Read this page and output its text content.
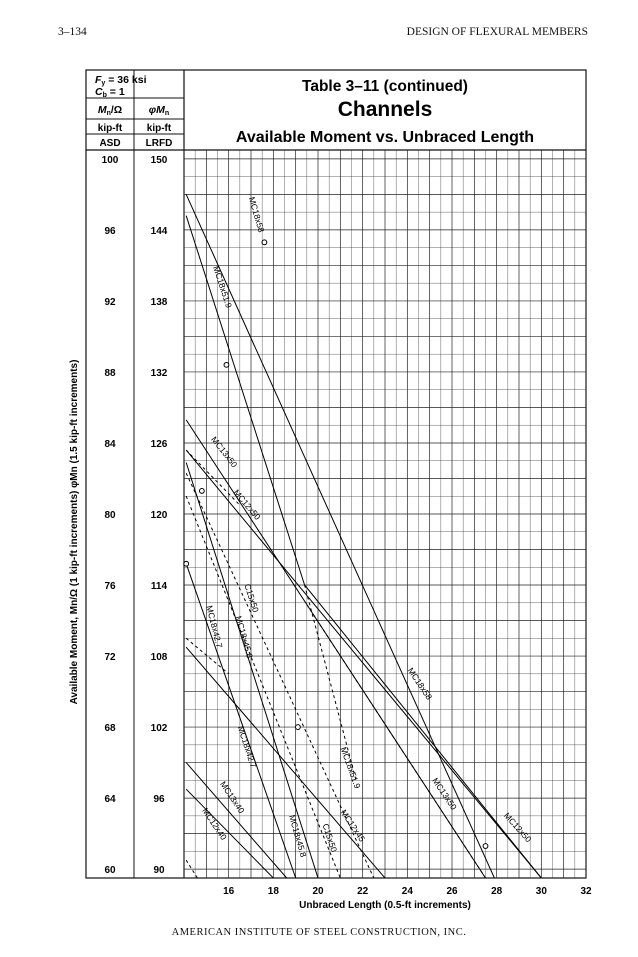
3–134	DESIGN OF FLEXURAL MEMBERS
Fy = 36 ksi
Cb = 1
Mn/Ω	φMn
kip-ft kip-ft
ASD	LRFD
Table 3–11 (continued)
Channels
Available Moment vs. Unbraced Length
MC18x58
MC18x51.9
MC13x50
MC12x50
MC18x42.7 MC18x45.8
C15x50
MC18x58
MC18x51.9
MC13x50
MC12x45	MC12x50
MC18x42.7
MC13x40
MC12x40	MC18x45.8 C15x50
100	150
96	144
92	138
88	132
84	126
80	120
76	114
72	108
68	102
64	96
60	90
16	18	20	22	24	26	28	30	32
Unbraced Length (0.5-ft increments)
Available Moment, Mn/Ω (1 kip-ft increments) φMn (1.5 kip-ft increments)
AMERICAN INSTITUTE OF STEEL CONSTRUCTION, INC.
